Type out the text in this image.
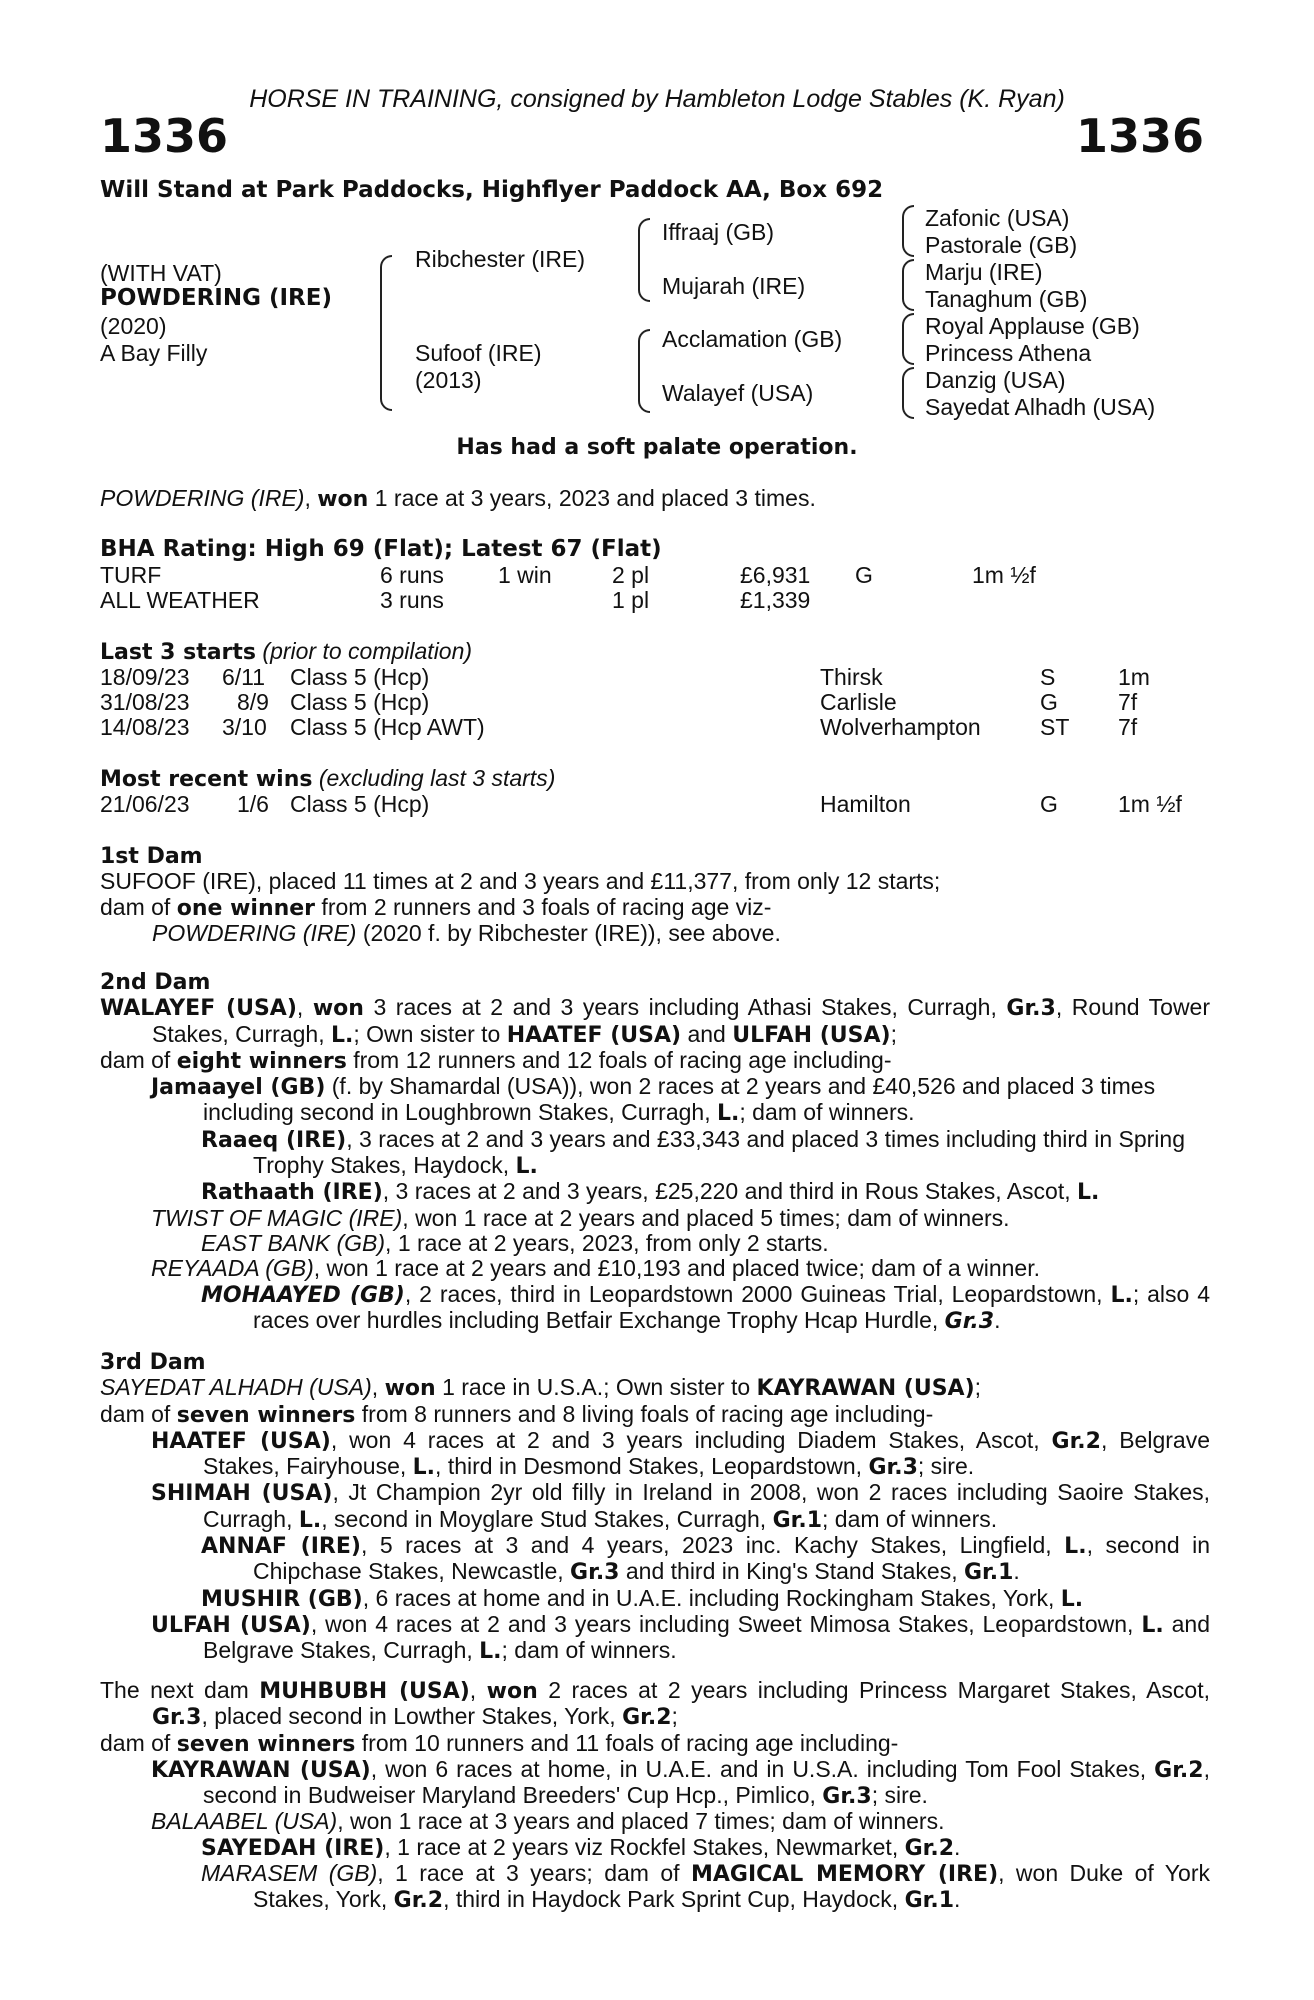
HORSE IN TRAINING, consigned by Hambleton Lodge Stables (K. Ryan)
1336	1336
Will Stand at Park Paddocks, Highflyer Paddock AA, Box 692
(WITH VAT)
POWDERING (IRE)
(2020)
A Bay Filly
Ribchester (IRE)
Sufoof (IRE)
(2013)
Iffraaj (GB)
Mujarah (IRE)
Acclamation (GB)
Walayef (USA)
Zafonic (USA)
Pastorale (GB)
Marju (IRE)
Tanaghum (GB)
Royal Applause (GB)
Princess Athena
Danzig (USA)
Sayedat Alhadh (USA)
Has had a soft palate operation.
POWDERING (IRE), won 1 race at 3 years, 2023 and placed 3 times.
BHA Rating: High 69 (Flat); Latest 67 (Flat)
TURF	6 runs 1 win	2 pl	£6,931 G	1m ½f
ALL WEATHER	3 runs	1 pl	£1,339
Last 3 starts (prior to compilation)
18/09/23 6/11 Class 5 (Hcp)	Thirsk	S	1m
31/08/23 8/9 Class 5 (Hcp)	Carlisle	G	7f
14/08/23 3/10 Class 5 (Hcp AWT)	Wolverhampton	ST 7f
Most recent wins (excluding last 3 starts)
21/06/23 1/6 Class 5 (Hcp)	Hamilton	G	1m ½f

1st Dam

SUFOOF (IRE), placed 11 times at 2 and 3 years and £11,377, from only 12 starts;

dam of one winner from 2 runners and 3 foals of racing age viz-

POWDERING (IRE) (2020 f. by Ribchester (IRE)), see above.

2nd Dam

WALAYEF (USA), won 3 races at 2 and 3 years including Athasi Stakes, Curragh, Gr.3, Round Tower Stakes, Curragh, L.; Own sister to HAATEF (USA) and ULFAH (USA);

dam of eight winners from 12 runners and 12 foals of racing age including-

Jamaayel (GB) (f. by Shamardal (USA)), won 2 races at 2 years and £40,526 and placed 3 times including second in Loughbrown Stakes, Curragh, L.; dam of winners.

Raaeq (IRE), 3 races at 2 and 3 years and £33,343 and placed 3 times including third in Spring Trophy Stakes, Haydock, L.

Rathaath (IRE), 3 races at 2 and 3 years, £25,220 and third in Rous Stakes, Ascot, L.

TWIST OF MAGIC (IRE), won 1 race at 2 years and placed 5 times; dam of winners.

EAST BANK (GB), 1 race at 2 years, 2023, from only 2 starts.

REYAADA (GB), won 1 race at 2 years and £10,193 and placed twice; dam of a winner.

MOHAAYED (GB), 2 races, third in Leopardstown 2000 Guineas Trial, Leopardstown, L.; also 4 races over hurdles including Betfair Exchange Trophy Hcap Hurdle, Gr.3.

3rd Dam

SAYEDAT ALHADH (USA), won 1 race in U.S.A.; Own sister to KAYRAWAN (USA);

dam of seven winners from 8 runners and 8 living foals of racing age including-

HAATEF (USA), won 4 races at 2 and 3 years including Diadem Stakes, Ascot, Gr.2, Belgrave Stakes, Fairyhouse, L., third in Desmond Stakes, Leopardstown, Gr.3; sire.

SHIMAH (USA), Jt Champion 2yr old filly in Ireland in 2008, won 2 races including Saoire Stakes, Curragh, L., second in Moyglare Stud Stakes, Curragh, Gr.1; dam of winners.

ANNAF (IRE), 5 races at 3 and 4 years, 2023 inc. Kachy Stakes, Lingfield, L., second in Chipchase Stakes, Newcastle, Gr.3 and third in King's Stand Stakes, Gr.1.

MUSHIR (GB), 6 races at home and in U.A.E. including Rockingham Stakes, York, L.

ULFAH (USA), won 4 races at 2 and 3 years including Sweet Mimosa Stakes, Leopardstown, L. and Belgrave Stakes, Curragh, L.; dam of winners.

The next dam MUHBUBH (USA), won 2 races at 2 years including Princess Margaret Stakes, Ascot, Gr.3, placed second in Lowther Stakes, York, Gr.2;

dam of seven winners from 10 runners and 11 foals of racing age including-

KAYRAWAN (USA), won 6 races at home, in U.A.E. and in U.S.A. including Tom Fool Stakes, Gr.2, second in Budweiser Maryland Breeders' Cup Hcp., Pimlico, Gr.3; sire.

BALAABEL (USA), won 1 race at 3 years and placed 7 times; dam of winners.

SAYEDAH (IRE), 1 race at 2 years viz Rockfel Stakes, Newmarket, Gr.2.

MARASEM (GB), 1 race at 3 years; dam of MAGICAL MEMORY (IRE), won Duke of York Stakes, York, Gr.2, third in Haydock Park Sprint Cup, Haydock, Gr.1.
